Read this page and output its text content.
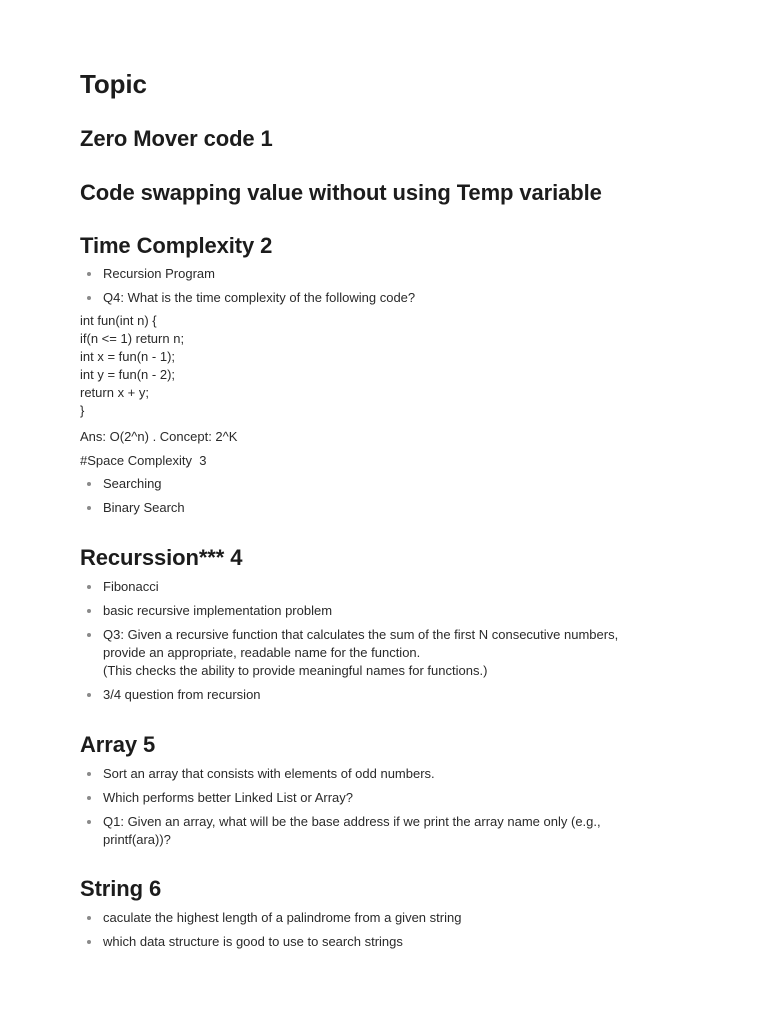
Topic
Zero Mover code 1
Code swapping value without using Temp variable
Time Complexity 2
Recursion Program
Q4: What is the time complexity of the following code?

int fun(int n) {

if(n <= 1) return n;

int x = fun(n - 1);

int y = fun(n - 2);

return x + y;

}

Ans: O(2^n) . Concept: 2^K

#Space Complexity  3

Searching
Binary Search
Recurssion*** 4
Fibonacci
basic recursive implementation problem
Q3: Given a recursive function that calculates the sum of the first N consecutive numbers,
provide an appropriate, readable name for the function.
(This checks the ability to provide meaningful names for functions.)
3/4 question from recursion
Array 5
Sort an array that consists with elements of odd numbers.
Which performs better Linked List or Array?
Q1: Given an array, what will be the base address if we print the array name only (e.g.,
printf(ara))?
String 6
caculate the highest length of a palindrome from a given string
which data structure is good to use to search strings
